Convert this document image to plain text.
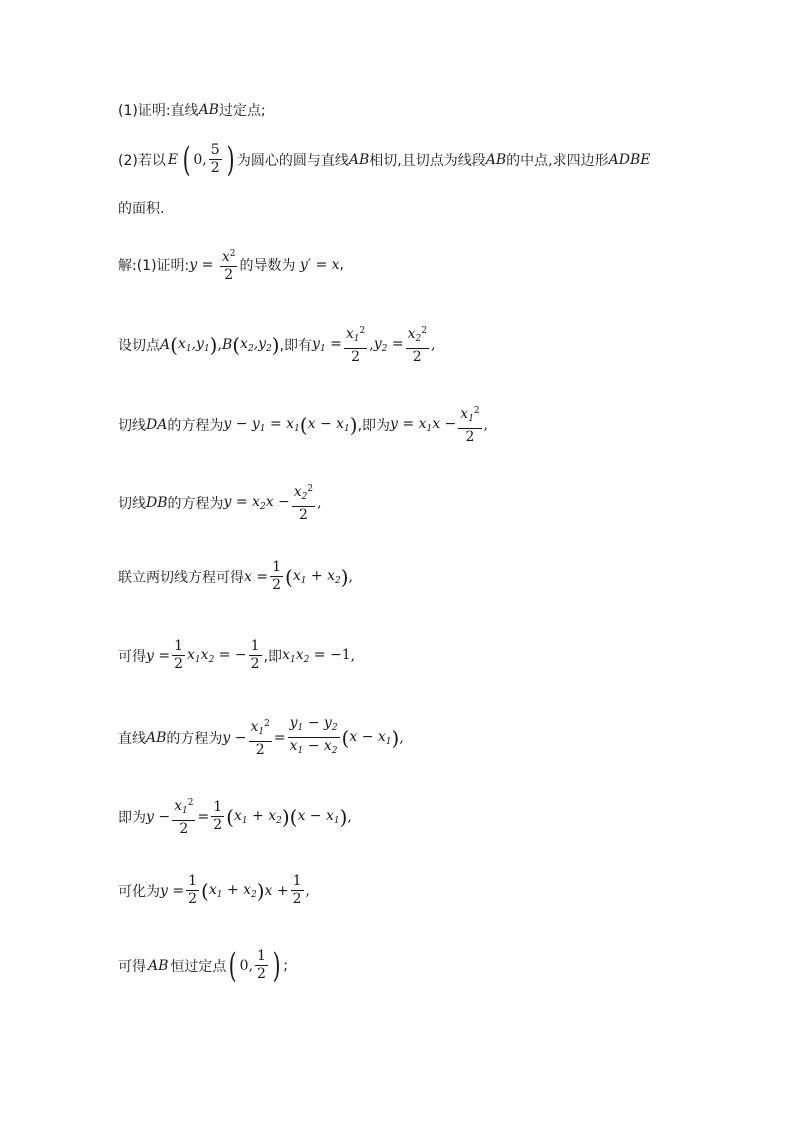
(1)证明:直线 AB 过定点;
(2)若以 E ( 0, $\frac{5}{2}$ ) 为圆心的圆与直线 AB 相切,且切点为线段 AB 的中点,求四边形 ADBE
的面积.
解:(1)证明: $y = \frac{x^2}{2}$ 的导数为 y′ = x ,
设切点 A ( $x_1,y_1$ ) , B ( $x_2,y_2$ ) ,即有 $y_1 = \frac{x_1^2}{2}$ , $y_2 = \frac{x_2^2}{2}$ ,
切线 DA 的方程为 $y - y_1 = x_1$ ( $x - x_1$ ) ,即为 $y = x_1x - \frac{x_1^2}{2}$ ,
切线 DB 的方程为 $y = x_2x - \frac{x_2^2}{2}$ ,
联立两切线方程可得 $x = \frac{1}{2}$ ( $x_1 + x_2$ ) ,
可得 $y = \frac{1}{2} x_1x_2$ = − $\frac{1}{2}$ ,即 $x_1x_2 = -1$ ,
直线 AB 的方程为 $y - \frac{x_1^2}{2} = \frac{y_1 - y_2}{x_1 - x_2}$ ( $x - x_1$ ) ,
即为 $y - \frac{x_1^2}{2} = \frac{1}{2}$ ( $x_1 + x_2$ )( $x - x_1$ ) ,
可化为 $y = \frac{1}{2}$ ( $x_1 + x_2$ ) $x + \frac{1}{2}$ ,
可得 AB 恒过定点 ( 0, $\frac{1}{2}$ ) ;
